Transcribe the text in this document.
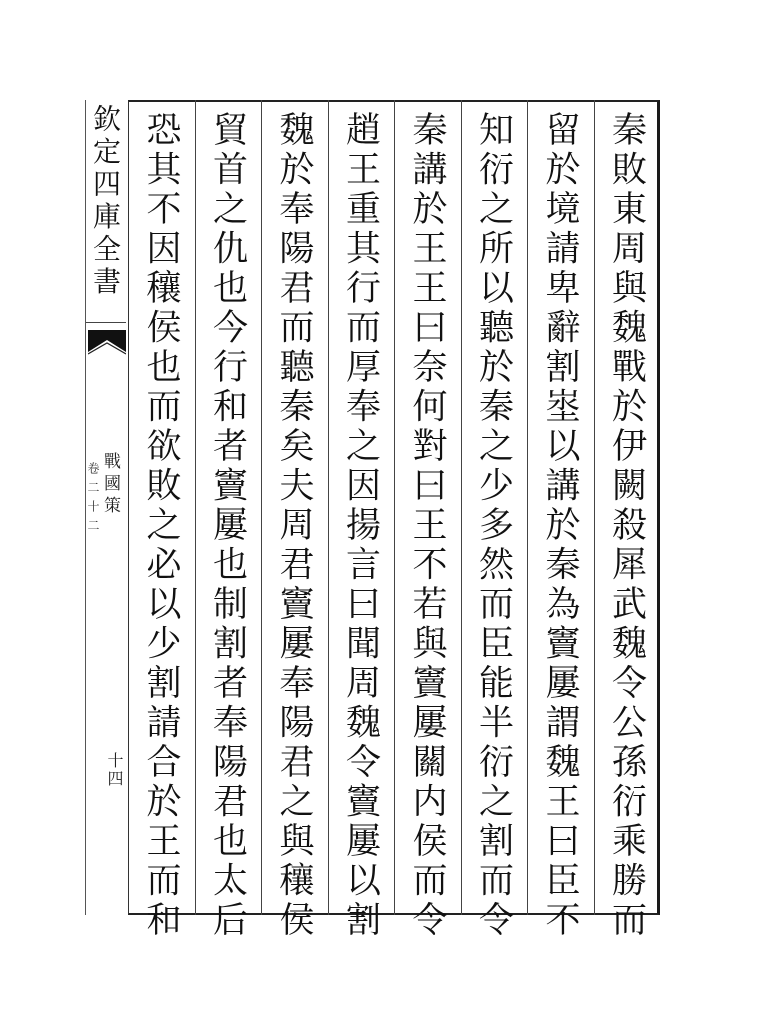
欽定四庫全書
戰國策
卷二十二
十四	秦敗東周與魏戰於伊闕殺犀武魏令公孫衍乘勝而
留於境請卑辭割埊以講於秦為竇屢謂魏王曰臣不
知衍之所以聽於秦之少多然而臣能半衍之割而令
秦講於王王曰奈何對曰王不若與竇屢關内侯而令
趙王重其行而厚奉之因揚言曰聞周魏令竇屢以割
魏於奉陽君而聽秦矣夫周君竇屢奉陽君之與穰侯
貿首之仇也今行和者竇屢也制割者奉陽君也太后
恐其不因穰侯也而欲敗之必以少割請合於王而和
